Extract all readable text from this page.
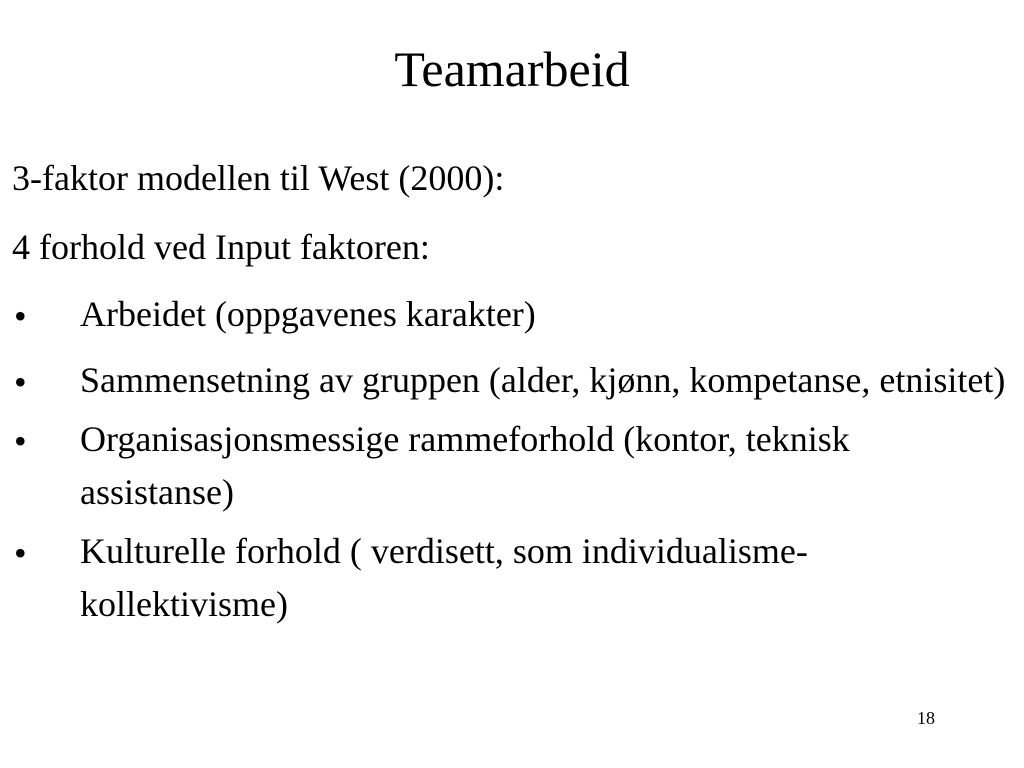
Teamarbeid
3-faktor modellen til West (2000):
4 forhold ved Input faktoren:
•	Arbeidet (oppgavenes karakter)
•	Sammensetning av gruppen (alder, kjønn, kompetanse, etnisitet)
•	Organisasjonsmessige rammeforhold (kontor, teknisk assistanse)
•	Kulturelle forhold ( verdisett, som individualisme-kollektivisme)
18
